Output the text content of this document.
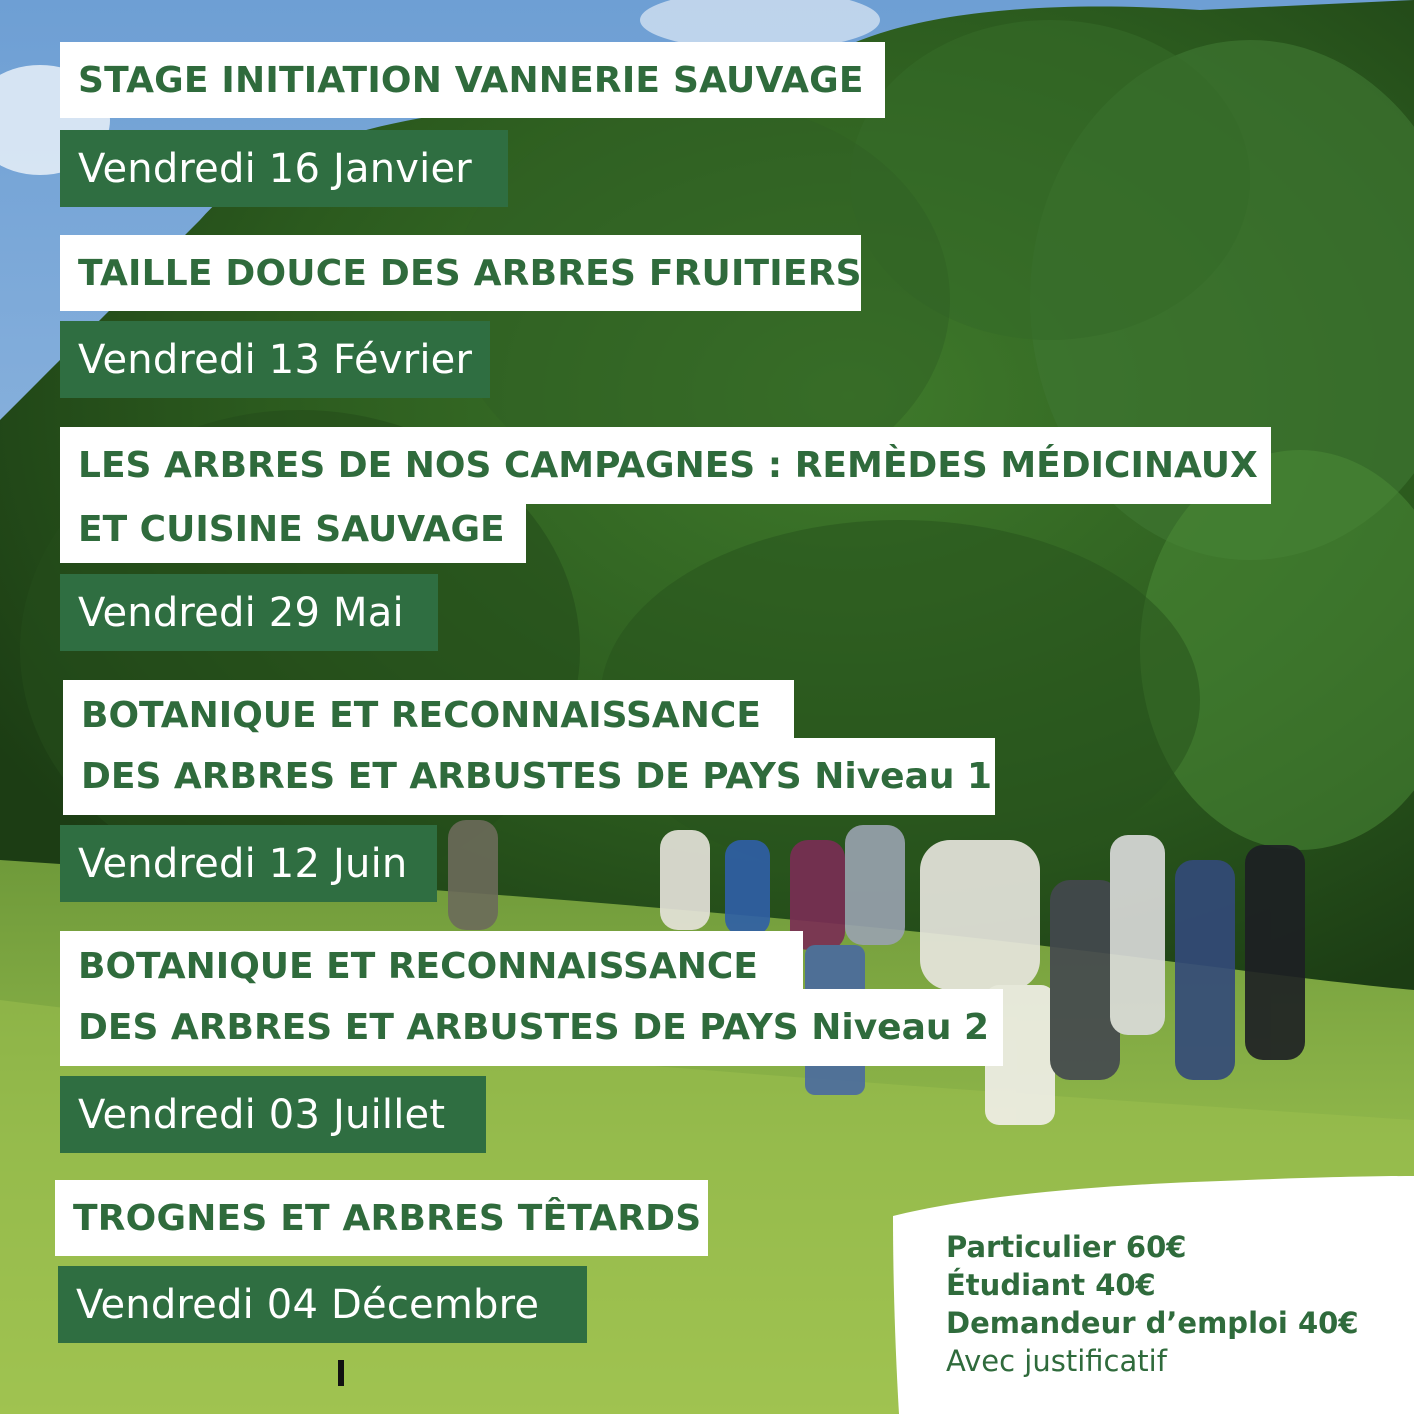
STAGE INITIATION VANNERIE SAUVAGE
Vendredi 16 Janvier
TAILLE DOUCE DES ARBRES FRUITIERS
Vendredi 13 Février
LES ARBRES DE NOS CAMPAGNES : REMÈDES MÉDICINAUX
ET CUISINE SAUVAGE
Vendredi 29 Mai
BOTANIQUE ET RECONNAISSANCE
DES ARBRES ET ARBUSTES DE PAYS Niveau 1
Vendredi 12 Juin
BOTANIQUE ET RECONNAISSANCE
DES ARBRES ET ARBUSTES DE PAYS Niveau 2
Vendredi 03 Juillet
TROGNES ET ARBRES TÊTARDS
Vendredi 04 Décembre
Particulier 60€
Étudiant 40€
Demandeur d’emploi 40€
Avec justificatif
